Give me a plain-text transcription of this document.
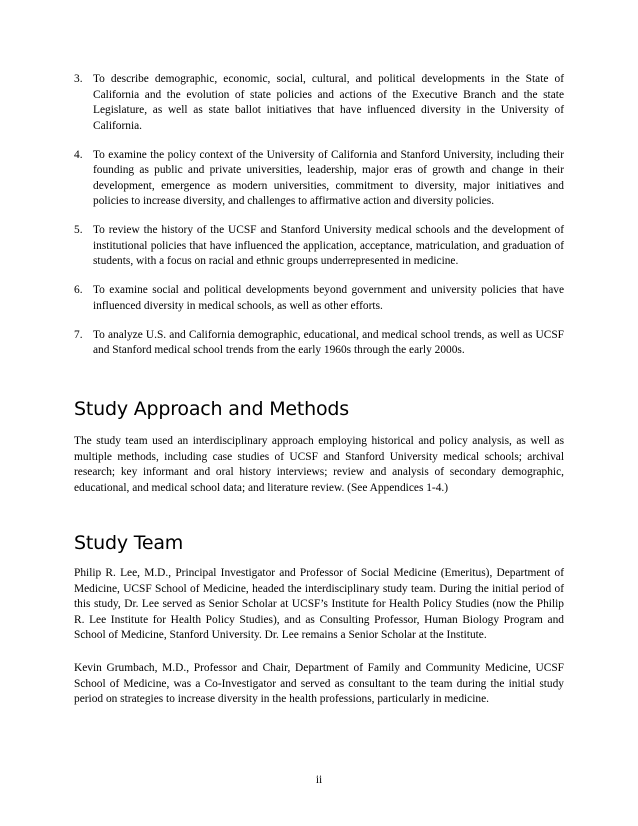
3. To describe demographic, economic, social, cultural, and political developments in the State of California and the evolution of state policies and actions of the Executive Branch and the state Legislature, as well as state ballot initiatives that have influenced diversity in the University of California.
4. To examine the policy context of the University of California and Stanford University, including their founding as public and private universities, leadership, major eras of growth and change in their development, emergence as modern universities, commitment to diversity, major initiatives and policies to increase diversity, and challenges to affirmative action and diversity policies.
5. To review the history of the UCSF and Stanford University medical schools and the development of institutional policies that have influenced the application, acceptance, matriculation, and graduation of students, with a focus on racial and ethnic groups underrepresented in medicine.
6. To examine social and political developments beyond government and university policies that have influenced diversity in medical schools, as well as other efforts.
7. To analyze U.S. and California demographic, educational, and medical school trends, as well as UCSF and Stanford medical school trends from the early 1960s through the early 2000s.
Study Approach and Methods

The study team used an interdisciplinary approach employing historical and policy analysis, as well as multiple methods, including case studies of UCSF and Stanford University medical schools; archival research; key informant and oral history interviews; review and analysis of secondary demographic, educational, and medical school data; and literature review. (See Appendices 1-4.)

Study Team

Philip R. Lee, M.D., Principal Investigator and Professor of Social Medicine (Emeritus), Department of Medicine, UCSF School of Medicine, headed the interdisciplinary study team. During the initial period of this study, Dr. Lee served as Senior Scholar at UCSF’s Institute for Health Policy Studies (now the Philip R. Lee Institute for Health Policy Studies), and as Consulting Professor, Human Biology Program and School of Medicine, Stanford University. Dr. Lee remains a Senior Scholar at the Institute.

Kevin Grumbach, M.D., Professor and Chair, Department of Family and Community Medicine, UCSF School of Medicine, was a Co-Investigator and served as consultant to the team during the initial study period on strategies to increase diversity in the health professions, particularly in medicine.

ii
